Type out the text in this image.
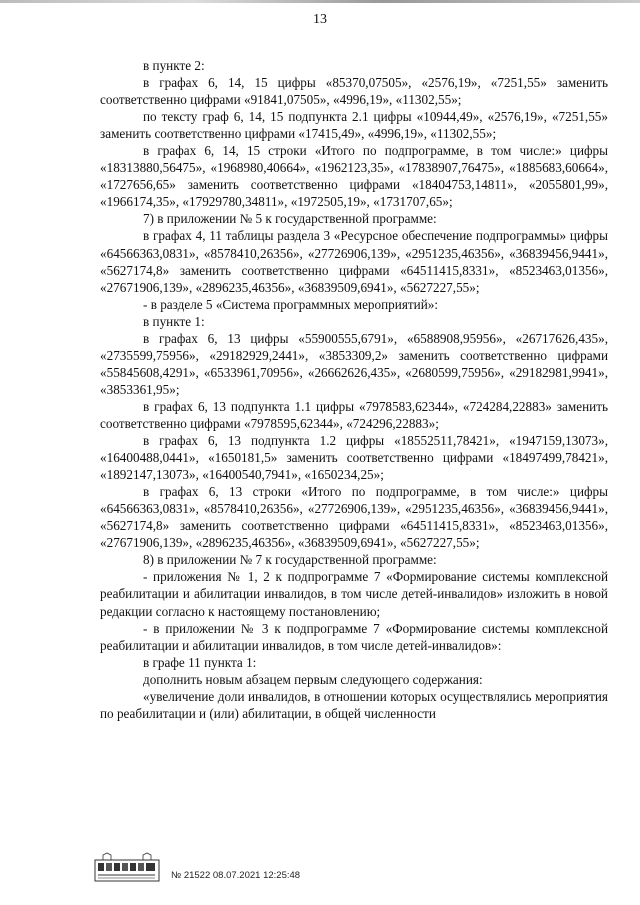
13

в пункте 2:

в графах 6, 14, 15 цифры «85370,07505», «2576,19», «7251,55» заменить соответственно цифрами «91841,07505», «4996,19», «11302,55»;

по тексту граф 6, 14, 15 подпункта 2.1 цифры «10944,49», «2576,19», «7251,55» заменить соответственно цифрами «17415,49», «4996,19», «11302,55»;

в графах 6, 14, 15 строки «Итого по подпрограмме, в том числе:» цифры «18313880,56475», «1968980,40664», «1962123,35», «17838907,76475», «1885683,60664», «1727656,65» заменить соответственно цифрами «18404753,14811», «2055801,99», «1966174,35», «17929780,34811», «1972505,19», «1731707,65»;

7) в приложении № 5 к государственной программе:

в графах 4, 11 таблицы раздела 3 «Ресурсное обеспечение подпрограммы» цифры «64566363,0831», «8578410,26356», «27726906,139», «2951235,46356», «36839456,9441», «5627174,8» заменить соответственно цифрами «64511415,8331», «8523463,01356», «27671906,139», «2896235,46356», «36839509,6941», «5627227,55»;

- в разделе 5 «Система программных мероприятий»:

в пункте 1:

в графах 6, 13 цифры «55900555,6791», «6588908,95956», «26717626,435», «2735599,75956», «29182929,2441», «3853309,2» заменить соответственно цифрами «55845608,4291», «6533961,70956», «26662626,435», «2680599,75956», «29182981,9941», «3853361,95»;

в графах 6, 13 подпункта 1.1 цифры «7978583,62344», «724284,22883» заменить соответственно цифрами «7978595,62344», «724296,22883»;

в графах 6, 13 подпункта 1.2 цифры «18552511,78421», «1947159,13073», «16400488,0441», «1650181,5» заменить соответственно цифрами «18497499,78421», «1892147,13073», «16400540,7941», «1650234,25»;

в графах 6, 13 строки «Итого по подпрограмме, в том числе:» цифры «64566363,0831», «8578410,26356», «27726906,139», «2951235,46356», «36839456,9441», «5627174,8» заменить соответственно цифрами «64511415,8331», «8523463,01356», «27671906,139», «2896235,46356», «36839509,6941», «5627227,55»;

8) в приложении № 7 к государственной программе:

- приложения № 1, 2 к подпрограмме 7 «Формирование системы комплексной реабилитации и абилитации инвалидов, в том числе детей-инвалидов» изложить в новой редакции согласно к настоящему постановлению;

- в приложении № 3 к подпрограмме 7 «Формирование системы комплексной реабилитации и абилитации инвалидов, в том числе детей-инвалидов»:

в графе 11 пункта 1:

дополнить новым абзацем первым следующего содержания:

«увеличение доли инвалидов, в отношении которых осуществлялись мероприятия по реабилитации и (или) абилитации, в общей численности

№ 21522 08.07.2021 12:25:48
